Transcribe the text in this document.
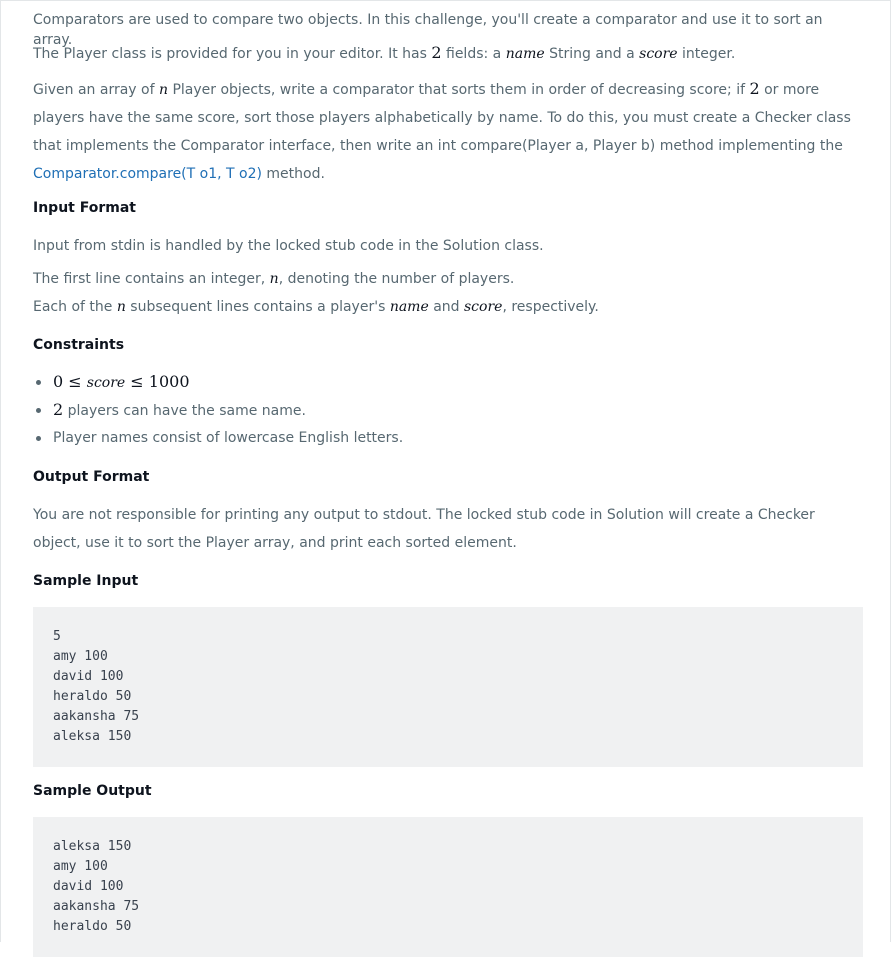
Comparators are used to compare two objects. In this challenge, you'll create a comparator and use it to sort an array.

The Player class is provided for you in your editor. It has 2 fields: a name String and a score integer.

Given an array of n Player objects, write a comparator that sorts them in order of decreasing score; if 2 or more players have the same score, sort those players alphabetically by name. To do this, you must create a Checker class that implements the Comparator interface, then write an int compare(Player a, Player b) method implementing the Comparator.compare(T o1, T o2) method.

Input Format

Input from stdin is handled by the locked stub code in the Solution class.

The first line contains an integer, n, denoting the number of players.

Each of the n subsequent lines contains a player's name and score, respectively.

Constraints
0 ≤ score ≤ 1000
2 players can have the same name.
Player names consist of lowercase English letters.
Output Format

You are not responsible for printing any output to stdout. The locked stub code in Solution will create a Checker object, use it to sort the Player array, and print each sorted element.

Sample Input
Sample Output
5
amy 100
david 100
heraldo 50
aakansha 75
aleksa 150
aleksa 150
amy 100
david 100
aakansha 75
heraldo 50
